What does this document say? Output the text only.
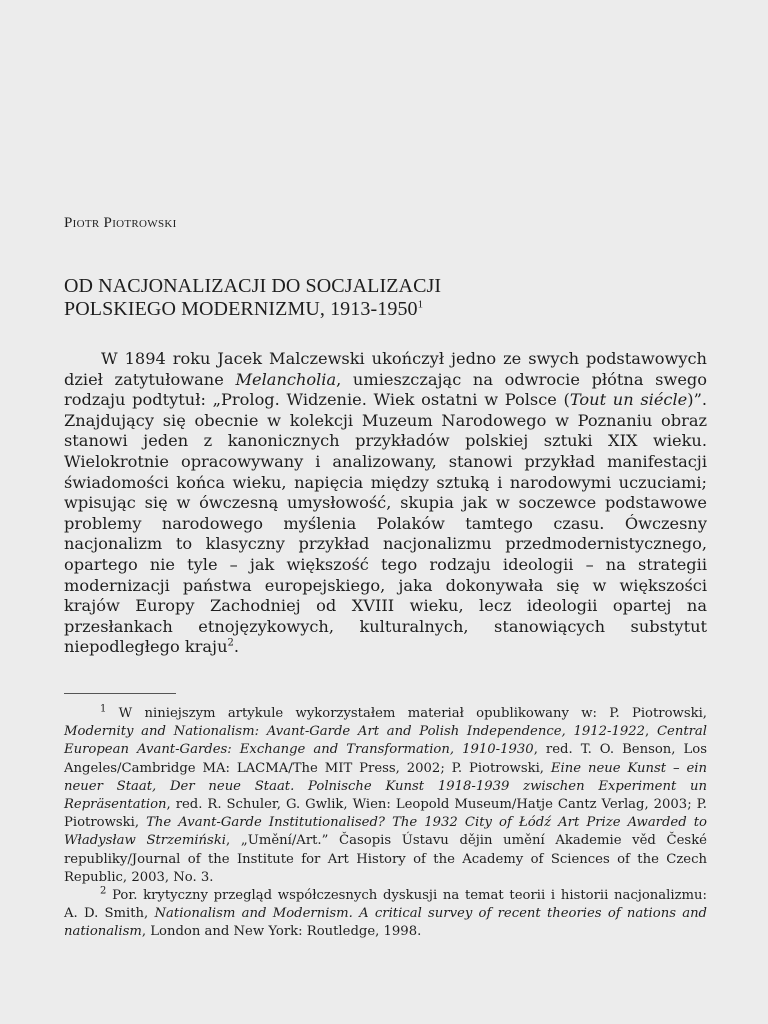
Piotr Piotrowski
OD NACJONALIZACJI DO SOCJALIZACJI
POLSKIEGO MODERNIZMU, 1913-1950$^1$

W 1894 roku Jacek Malczewski ukończył jedno ze swych podstawowych dzieł zatytułowane Melancholia, umieszczając na odwrocie płótna swego rodzaju podtytuł: „Prolog. Widzenie. Wiek ostatni w Polsce (Tout un siécle)”. Znajdujący się obecnie w kolekcji Muzeum Narodowego w Poznaniu obraz stanowi jeden z kanonicznych przykładów polskiej sztuki XIX wieku. Wielokrotnie opracowywany i analizowany, stanowi przykład manifestacji świadomości końca wieku, napięcia między sztuką i narodowymi uczuciami; wpisując się w ówczesną umysłowość, skupia jak w soczewce podstawowe problemy narodowego myślenia Polaków tamtego czasu. Ówczesny nacjonalizm to klasyczny przykład nacjonalizmu przedmodernistycznego, opartego nie tyle – jak większość tego rodzaju ideologii – na strategii modernizacji państwa europejskiego, jaka dokonywała się w większości krajów Europy Zachodniej od XVIII wieku, lecz ideologii opartej na przesłankach etnojęzykowych, kulturalnych, stanowiących substytut niepodległego kraju$^2$.

$^1$ W niniejszym artykule wykorzystałem materiał opublikowany w: P. Piotrowski, Modernity and Nationalism: Avant-Garde Art and Polish Independence, 1912-1922, Central European Avant-Gardes: Exchange and Transformation, 1910-1930, red. T. O. Benson, Los Angeles/Cambridge MA: LACMA/The MIT Press, 2002; P. Piotrowski, Eine neue Kunst – ein neuer Staat, Der neue Staat. Polnische Kunst 1918-1939 zwischen Experiment un Repräsentation, red. R. Schuler, G. Gwlik, Wien: Leopold Museum/Hatje Cantz Verlag, 2003; P. Piotrowski, The Avant-Garde Institutionalised? The 1932 City of Łódź Art Prize Awarded to Władysław Strzemiński, „Umění/Art.” Časopis Ústavu dějin umění Akademie věd České republiky/Journal of the Institute for Art History of the Academy of Sciences of the Czech Republic, 2003, No. 3.

$^2$ Por. krytyczny przegląd współczesnych dyskusji na temat teorii i historii nacjonalizmu: A. D. Smith, Nationalism and Modernism. A critical survey of recent theories of nations and nationalism, London and New York: Routledge, 1998.
